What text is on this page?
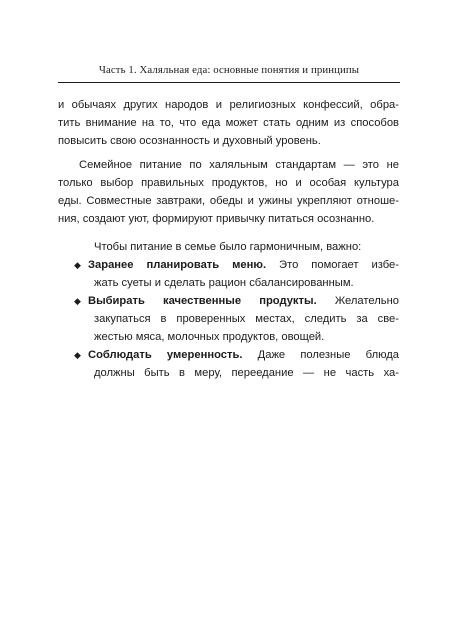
Часть 1. Халяльная еда: основные понятия и принципы
и обычаях других народов и религиозных конфессий, обра-
тить внимание на то, что еда может стать одним из способов
повысить свою осознанность и духовный уровень.
Семейное питание по халяльным стандартам — это не
только выбор правильных продуктов, но и особая культура
еды. Совместные завтраки, обеды и ужины укрепляют отноше-
ния, создают уют, формируют привычку питаться осознанно.
Чтобы питание в семье было гармоничным, важно:
◆ Заранее планировать меню. Это помогает избе-
жать суеты и сделать рацион сбалансированным.
◆ Выбирать качественные продукты. Желательно
закупаться в проверенных местах, следить за све-
жестью мяса, молочных продуктов, овощей.
◆ Соблюдать умеренность. Даже полезные блюда
должны быть в меру, переедание — не часть ха-
